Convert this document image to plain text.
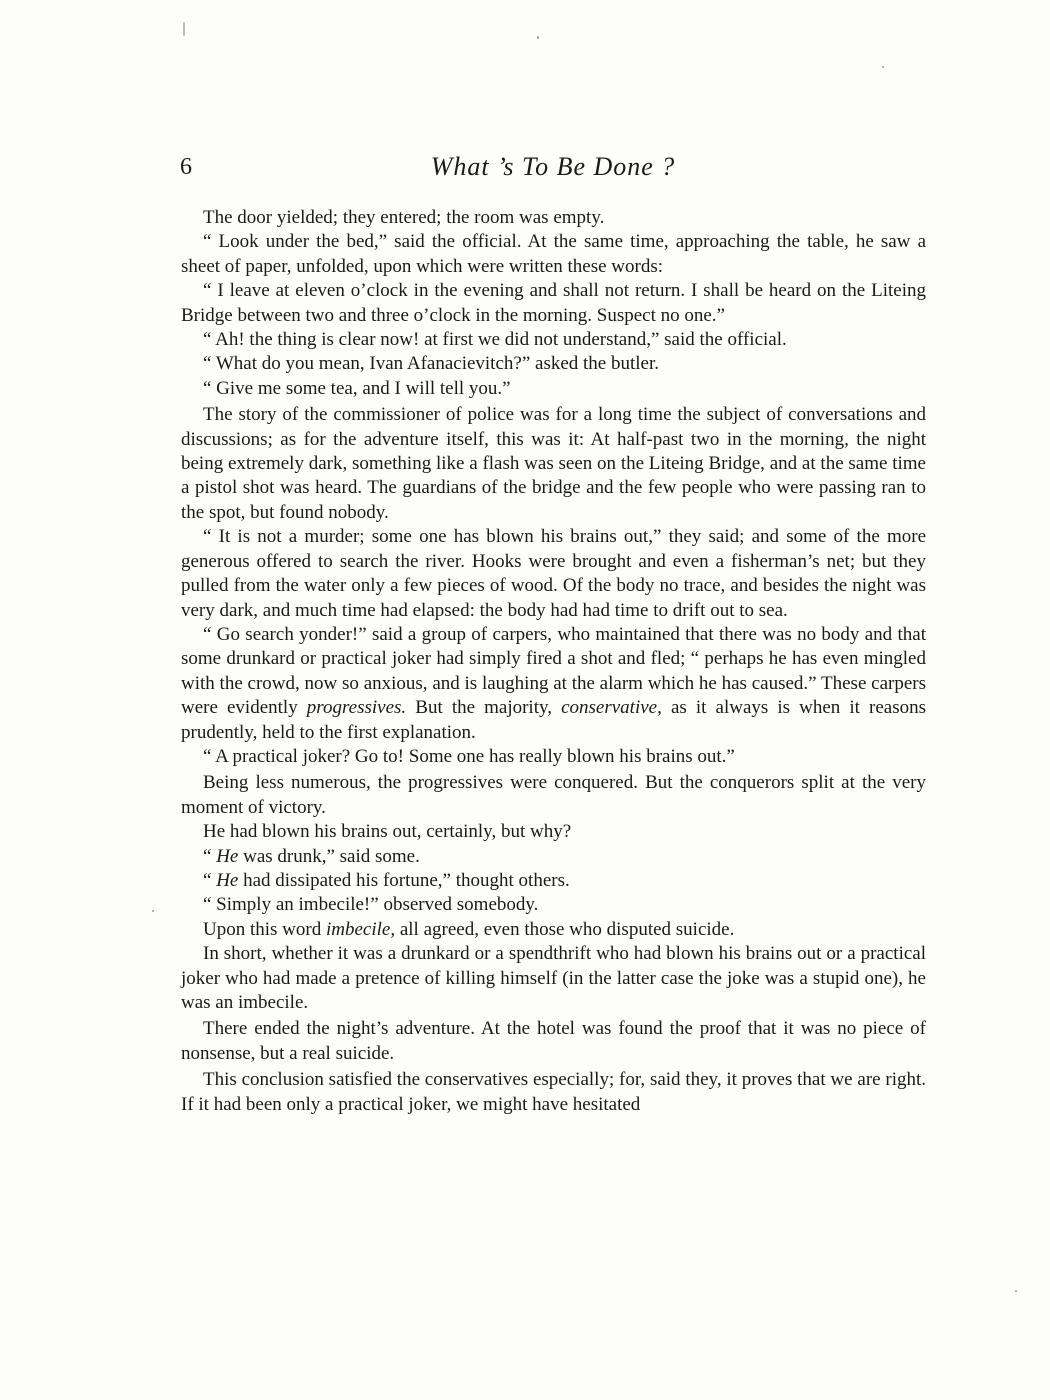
6	What ’s To Be Done ?

The door yielded; they entered; the room was empty.

“ Look under the bed,” said the official. At the same time, approaching the table, he saw a sheet of paper, unfolded, upon which were written these words:

“ I leave at eleven o’clock in the evening and shall not return. I shall be heard on the Liteing Bridge between two and three o’clock in the morning. Suspect no one.”

“ Ah! the thing is clear now! at first we did not understand,” said the official.

“ What do you mean, Ivan Afanacievitch?” asked the butler.

“ Give me some tea, and I will tell you.”

The story of the commissioner of police was for a long time the subject of conversations and discussions; as for the adventure itself, this was it: At half-past two in the morning, the night being extremely dark, something like a flash was seen on the Liteing Bridge, and at the same time a pistol shot was heard. The guardians of the bridge and the few people who were passing ran to the spot, but found nobody.

“ It is not a murder; some one has blown his brains out,” they said; and some of the more generous offered to search the river. Hooks were brought and even a fisherman’s net; but they pulled from the water only a few pieces of wood. Of the body no trace, and besides the night was very dark, and much time had elapsed: the body had had time to drift out to sea.

“ Go search yonder!” said a group of carpers, who maintained that there was no body and that some drunkard or practical joker had simply fired a shot and fled; “ perhaps he has even mingled with the crowd, now so anxious, and is laughing at the alarm which he has caused.” These carpers were evidently progressives. But the majority, conservative, as it always is when it reasons prudently, held to the first explanation.

“ A practical joker? Go to! Some one has really blown his brains out.”

Being less numerous, the progressives were conquered. But the conquerors split at the very moment of victory.

He had blown his brains out, certainly, but why?

“ He was drunk,” said some.

“ He had dissipated his fortune,” thought others.

“ Simply an imbecile!” observed somebody.

Upon this word imbecile, all agreed, even those who disputed suicide.

In short, whether it was a drunkard or a spendthrift who had blown his brains out or a practical joker who had made a pretence of killing himself (in the latter case the joke was a stupid one), he was an imbecile.

There ended the night’s adventure. At the hotel was found the proof that it was no piece of nonsense, but a real suicide.

This conclusion satisfied the conservatives especially; for, said they, it proves that we are right. If it had been only a practical joker, we might have hesitated
